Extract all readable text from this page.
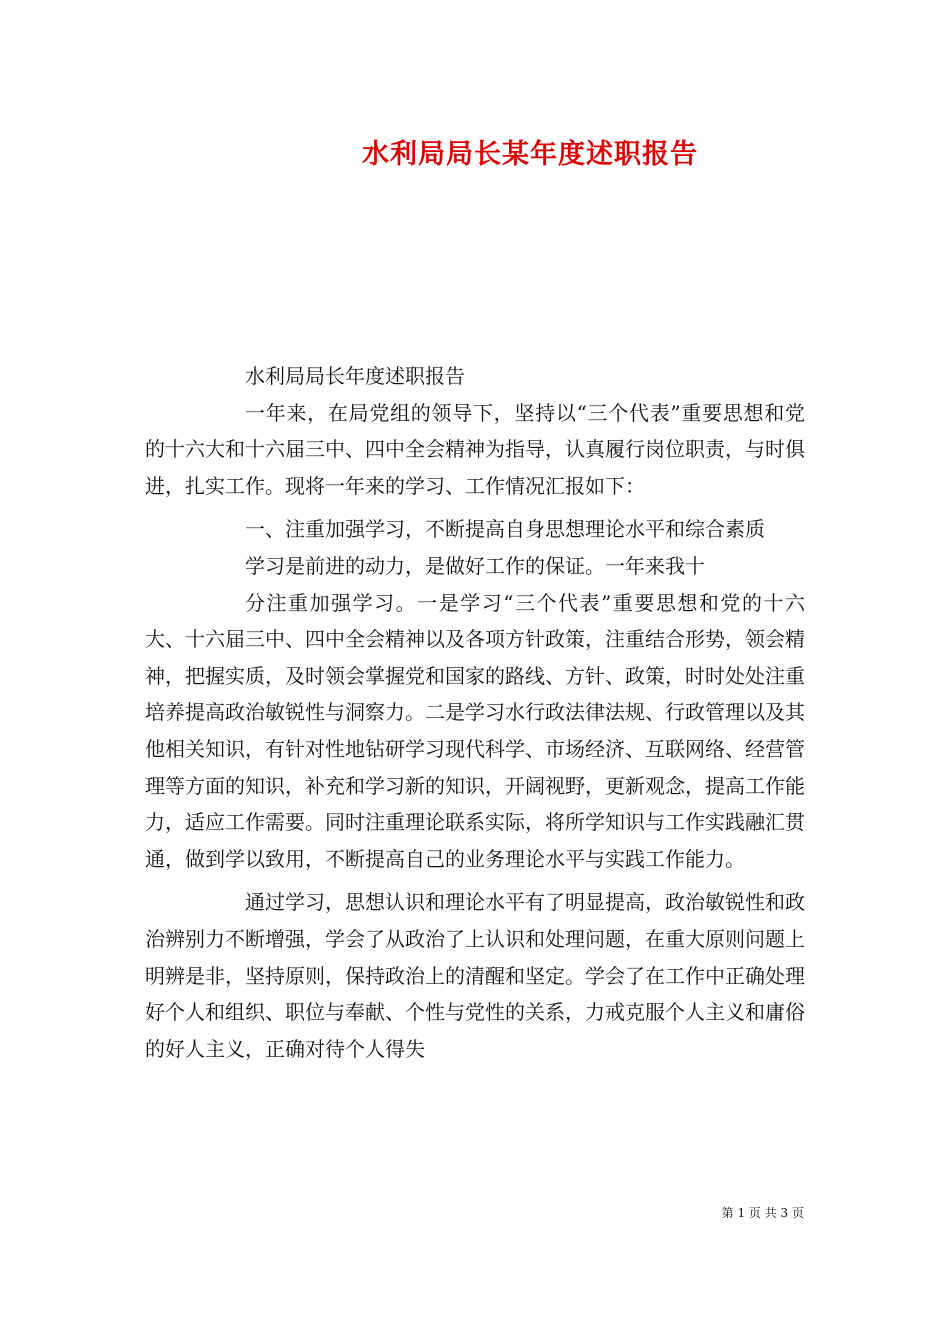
水利局局长某年度述职报告

水利局局长年度述职报告

一年来，在局党组的领导下，坚持以“三个代表”重要思想和党的十六大和十六届三中、四中全会精神为指导，认真履行岗位职责，与时俱进，扎实工作。现将一年来的学习、工作情况汇报如下：

一、注重加强学习，不断提高自身思想理论水平和综合素质

学习是前进的动力，是做好工作的保证。一年来我十

分注重加强学习。一是学习“三个代表”重要思想和党的十六大、十六届三中、四中全会精神以及各项方针政策，注重结合形势，领会精神，把握实质，及时领会掌握党和国家的路线、方针、政策，时时处处注重培养提高政治敏锐性与洞察力。二是学习水行政法律法规、行政管理以及其他相关知识，有针对性地钻研学习现代科学、市场经济、互联网络、经营管理等方面的知识，补充和学习新的知识，开阔视野，更新观念，提高工作能力，适应工作需要。同时注重理论联系实际，将所学知识与工作实践融汇贯通，做到学以致用，不断提高自己的业务理论水平与实践工作能力。

通过学习，思想认识和理论水平有了明显提高，政治敏锐性和政治辨别力不断增强，学会了从政治了上认识和处理问题，在重大原则问题上明辨是非，坚持原则，保持政治上的清醒和坚定。学会了在工作中正确处理好个人和组织、职位与奉献、个性与党性的关系，力戒克服个人主义和庸俗的好人主义，正确对待个人得失

第 1 页 共 3 页
